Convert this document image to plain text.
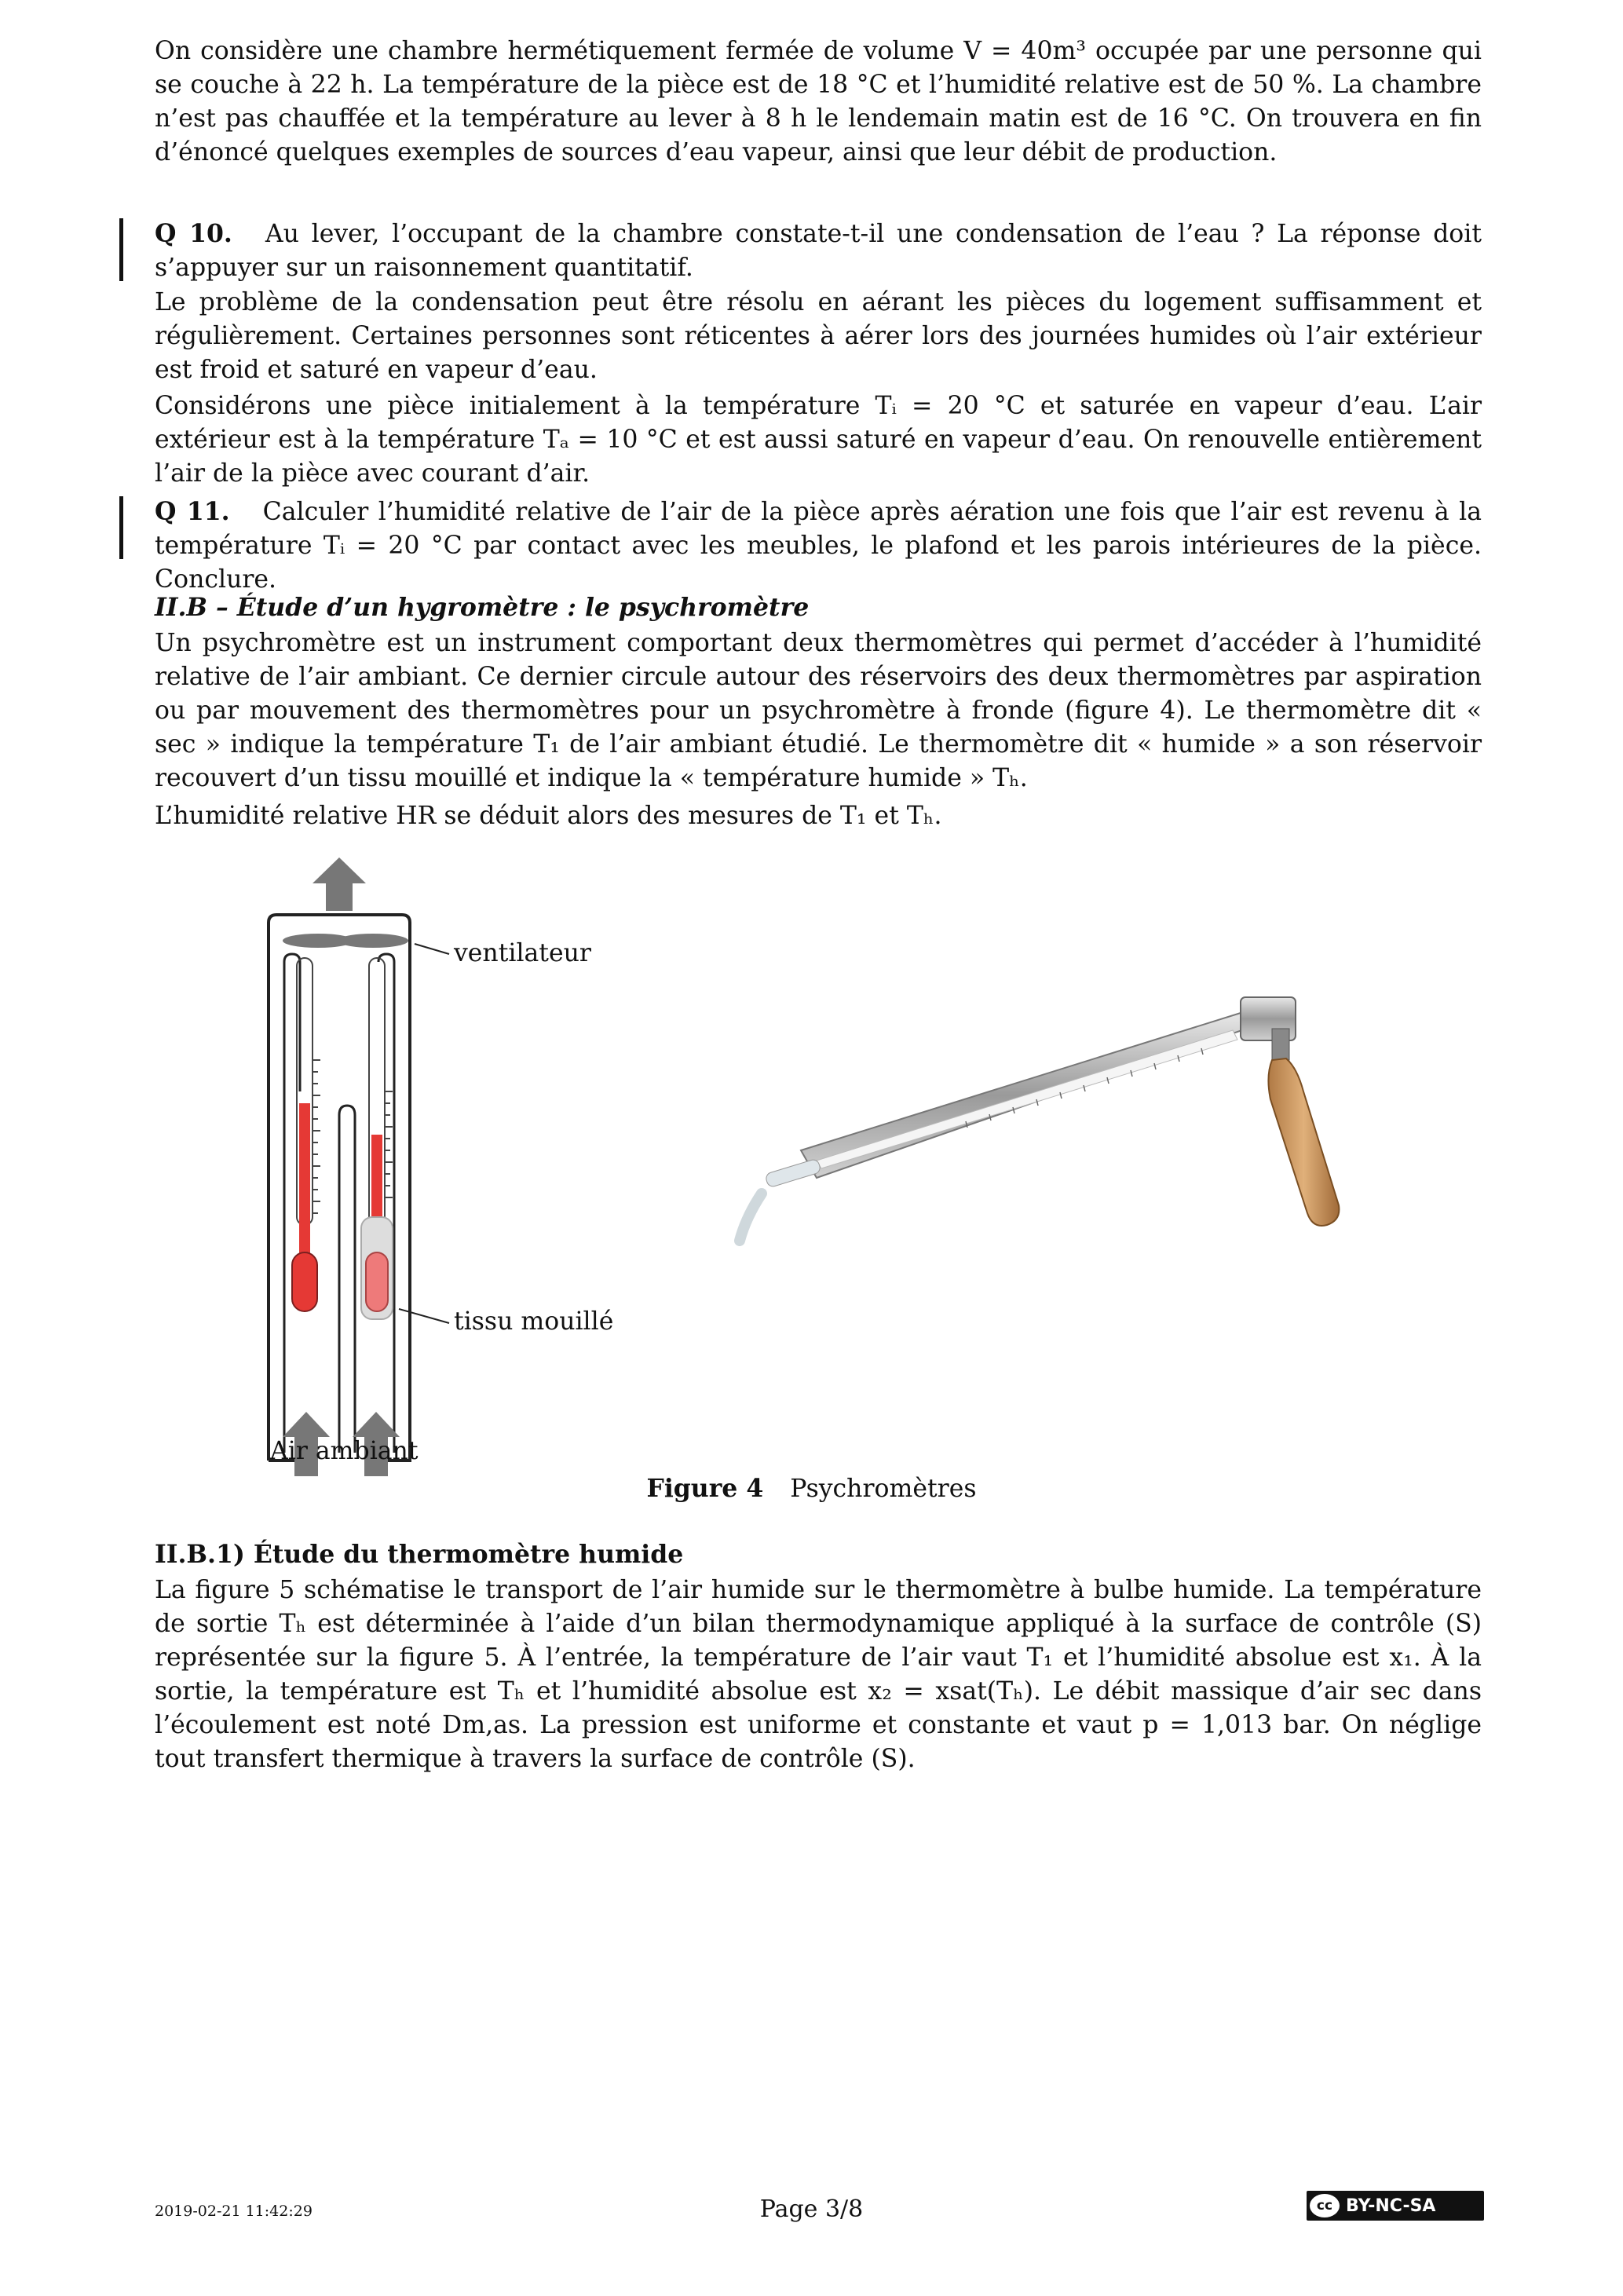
On considère une chambre hermétiquement fermée de volume V = 40m³ occupée par une personne qui se couche à 22 h. La température de la pièce est de 18 °C et l’humidité relative est de 50 %. La chambre n’est pas chauffée et la température au lever à 8 h le lendemain matin est de 16 °C. On trouvera en fin d’énoncé quelques exemples de sources d’eau vapeur, ainsi que leur débit de production.

Q 10. Au lever, l’occupant de la chambre constate-t-il une condensation de l’eau ? La réponse doit s’appuyer sur un raisonnement quantitatif.

Le problème de la condensation peut être résolu en aérant les pièces du logement suffisamment et régulièrement. Certaines personnes sont réticentes à aérer lors des journées humides où l’air extérieur est froid et saturé en vapeur d’eau.

Considérons une pièce initialement à la température Tᵢ = 20 °C et saturée en vapeur d’eau. L’air extérieur est à la température Tₐ = 10 °C et est aussi saturé en vapeur d’eau. On renouvelle entièrement l’air de la pièce avec courant d’air.

Q 11. Calculer l’humidité relative de l’air de la pièce après aération une fois que l’air est revenu à la température Tᵢ = 20 °C par contact avec les meubles, le plafond et les parois intérieures de la pièce. Conclure.

II.B – Étude d’un hygromètre : le psychromètre

Un psychromètre est un instrument comportant deux thermomètres qui permet d’accéder à l’humidité relative de l’air ambiant. Ce dernier circule autour des réservoirs des deux thermomètres par aspiration ou par mouvement des thermomètres pour un psychromètre à fronde (figure 4). Le thermomètre dit « sec » indique la température T₁ de l’air ambiant étudié. Le thermomètre dit « humide » a son réservoir recouvert d’un tissu mouillé et indique la « température humide » Tₕ.

L’humidité relative HR se déduit alors des mesures de T₁ et Tₕ.

ventilateur
tissu mouillé
Air ambiant
Figure 4 Psychromètres
II.B.1) Étude du thermomètre humide

La figure 5 schématise le transport de l’air humide sur le thermomètre à bulbe humide. La température de sortie Tₕ est déterminée à l’aide d’un bilan thermodynamique appliqué à la surface de contrôle (S) représentée sur la figure 5. À l’entrée, la température de l’air vaut T₁ et l’humidité absolue est x₁. À la sortie, la température est Tₕ et l’humidité absolue est x₂ = xsat(Tₕ). Le débit massique d’air sec dans l’écoulement est noté Dm,as. La pression est uniforme et constante et vaut p = 1,013 bar. On néglige tout transfert thermique à travers la surface de contrôle (S).

2019-02-21 11:42:29	Page 3/8	cc BY-NC-SA
